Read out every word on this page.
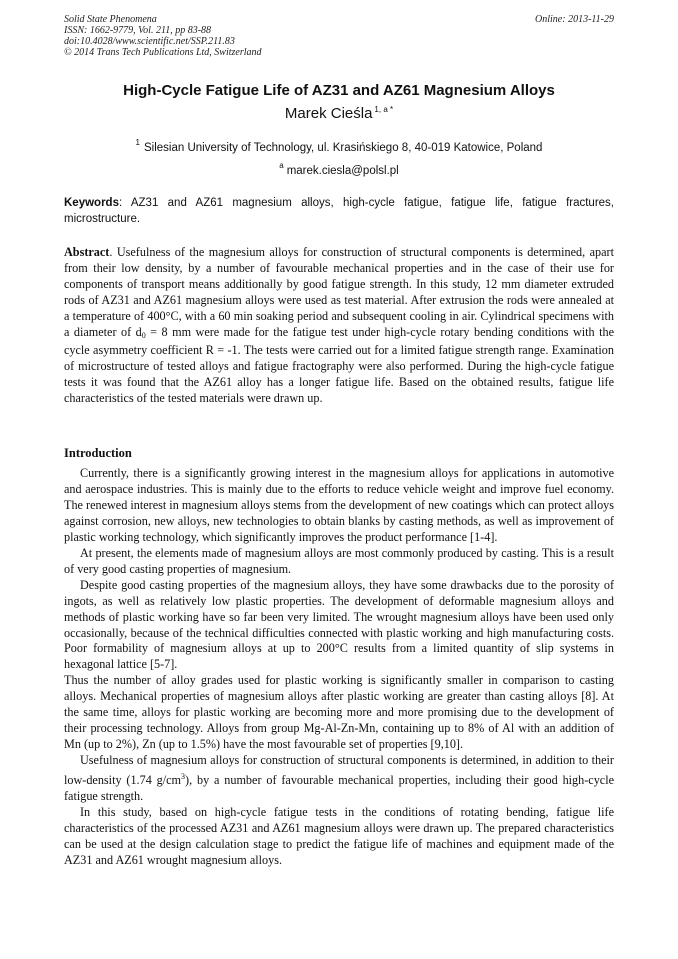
Solid State Phenomena
ISSN: 1662-9779, Vol. 211, pp 83-88
doi:10.4028/www.scientific.net/SSP.211.83
© 2014 Trans Tech Publications Ltd, Switzerland
Online: 2013-11-29
High-Cycle Fatigue Life of AZ31 and AZ61 Magnesium Alloys
Marek Cieśla $^{1, a *}$
$^1$ Silesian University of Technology, ul. Krasińskiego 8, 40-019 Katowice, Poland
$^a$ marek.ciesla@polsl.pl
Keywords: AZ31 and AZ61 magnesium alloys, high-cycle fatigue, fatigue life, fatigue fractures, microstructure.
Abstract. Usefulness of the magnesium alloys for construction of structural components is determined, apart from their low density, by a number of favourable mechanical properties and in the case of their use for components of transport means additionally by good fatigue strength. In this study, 12 mm diameter extruded rods of AZ31 and AZ61 magnesium alloys were used as test material. After extrusion the rods were annealed at a temperature of 400°C, with a 60 min soaking period and subsequent cooling in air. Cylindrical specimens with a diameter of $d_0 = 8$ mm were made for the fatigue test under high-cycle rotary bending conditions with the cycle asymmetry coefficient R = -1. The tests were carried out for a limited fatigue strength range. Examination of microstructure of tested alloys and fatigue fractography were also performed. During the high-cycle fatigue tests it was found that the AZ61 alloy has a longer fatigue life. Based on the obtained results, fatigue life characteristics of the tested materials were drawn up.
Introduction

Currently, there is a significantly growing interest in the magnesium alloys for applications in automotive and aerospace industries. This is mainly due to the efforts to reduce vehicle weight and improve fuel economy. The renewed interest in magnesium alloys stems from the development of new coatings which can protect alloys against corrosion, new alloys, new technologies to obtain blanks by casting methods, as well as improvement of plastic working technology, which significantly improves the product performance [1-4].

At present, the elements made of magnesium alloys are most commonly produced by casting. This is a result of very good casting properties of magnesium.

Despite good casting properties of the magnesium alloys, they have some drawbacks due to the porosity of ingots, as well as relatively low plastic properties. The development of deformable magnesium alloys and methods of plastic working have so far been very limited. The wrought magnesium alloys have been used only occasionally, because of the technical difficulties connected with plastic working and high manufacturing costs. Poor formability of magnesium alloys at up to 200°C results from a limited quantity of slip systems in hexagonal lattice [5-7].

Thus the number of alloy grades used for plastic working is significantly smaller in comparison to casting alloys. Mechanical properties of magnesium alloys after plastic working are greater than casting alloys [8]. At the same time, alloys for plastic working are becoming more and more promising due to the development of their processing technology. Alloys from group Mg-Al-Zn-Mn, containing up to 8% of Al with an addition of Mn (up to 2%), Zn (up to 1.5%) have the most favourable set of properties [9,10].

Usefulness of magnesium alloys for construction of structural components is determined, in addition to their low-density (1.74 $g/cm^3$), by a number of favourable mechanical properties, including their good high-cycle fatigue strength.

In this study, based on high-cycle fatigue tests in the conditions of rotating bending, fatigue life characteristics of the processed AZ31 and AZ61 magnesium alloys were drawn up. The prepared characteristics can be used at the design calculation stage to predict the fatigue life of machines and equipment made of the AZ31 and AZ61 wrought magnesium alloys.
